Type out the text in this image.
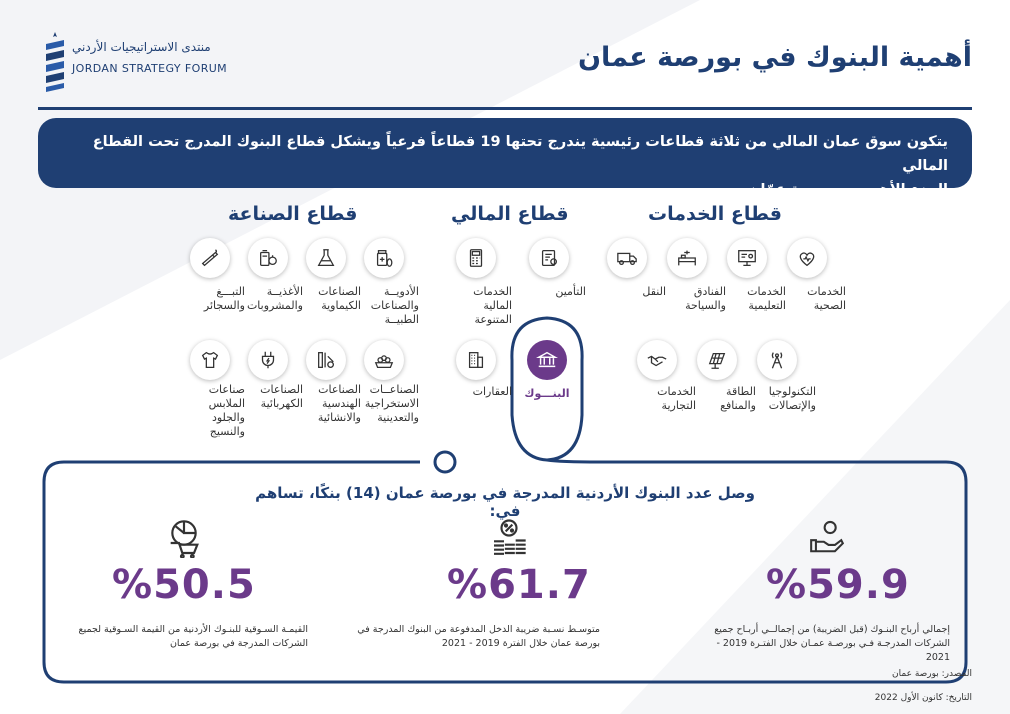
منتدى الاستراتيجيات الأردني
JORDAN STRATEGY FORUM	أهمية البنوك في بورصة عمان
يتكون سوق عمان المالي من ثلاثة قطاعات رئيسية يندرج تحتها 19 قطاعاً فرعياً ويشكل قطاع البنوك المدرج تحت القطاع المالي
الجزء الأهم من بورصة عمّان
قطاع الخدمات
قطاع المالي
قطاع الصناعة
الخدمات الصحية
الخدمات التعليمية
الفنادق والسياحة
النقل
التكنولوجيا والإتصالات
الطاقة والمنافع
الخدمات التجارية
التأمين
الخدمات المالية المتنوعة
العقارات	البنـــوك
الأدويــة والصناعات الطبيــة
الصناعات الكيماوية
الأغذيــة والمشروبات
التبـــغ والسجائر
الصناعــات الاستخراجية والتعدينية
الصناعات الهندسية والانشائية
الصناعات الكهربائية
صناعات الملابس والجلود والنسيج
وصل عدد البنوك الأردنية المدرجة في بورصة عمان (14) بنكًا، تساهم في:
%59.9
إجمالي أرباح البنـوك (قبل الضريبة) من إجمالــي أربـاح جميع
الشركات المدرجـة فـي بورصـة عمـان خلال الفتـرة 2019 - 2021
%61.7
متوسـط نسـبة ضريبة الدخل المدفوعة من البنوك المدرجة في
بورصة عمان خلال الفترة 2019 - 2021
%50.5
القيمـة السـوقية للبنـوك الأردنية من القيمة السـوقية لجميع
الشركات المدرجة في بورصة عمان
المصدر: بورصة عمان
التاريخ: كانون الأول 2022
